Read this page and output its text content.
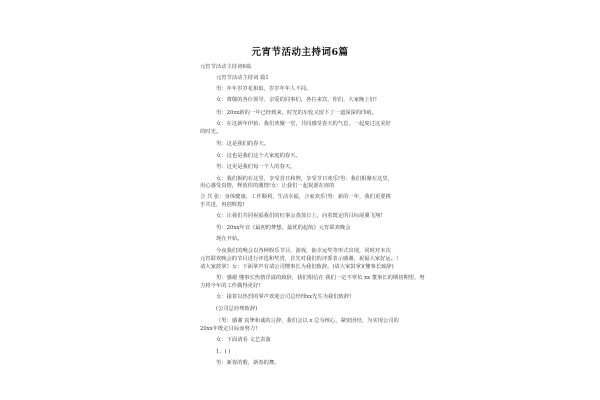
元宵节活动主持词6篇
元宵节活动主持词6篇
元宵节活动主持词 篇1
男：年年岁岁花相似，岁岁年年人不同。
女：尊敬的各位领导、亲爱的同事们，各位来宾，你们，大家晚上好!
男：20xx新的一年已经到来，时光的车轮又留下了一道深深的印痕。
女：在这新年伊始，我们欢聚一堂，共同感受春天的气息，一起度过这美好
的时光。
男：这是我们的春天。
女：这也是我们这个大家庭的春天。
男：这更是我们每一个人的春天。
女：我们相约在这里，享受昔日和煦，享受节日欢乐!男：我们相聚在这里，
用心感受真情，释放你的激情!女：让我们一起祝愿在座的
合 共 张：身体健康，工作顺利，生活幸福，合家欢乐!男：新的一年，我们更要携
手共进，再创辉煌!
女：让我们共同祝福我们的红事会蒸蒸日上，向着既定的目标展翼飞翔!
男：20xx年宜《最初的梦想，最优的起航》元宵联欢晚会
现在开始。
今夜我们的晚会以各种娱乐节目，游戏，抽幸运奖等形式出现，同时对本次
元宵联欢晚会的节目进行评选和奖赏，首先对我们的评委表示感谢，祝福大家好运。（
请大家鼓掌）女：下面掌声有请公司懂事长为我们致辞。(请大家鼓掌)(懂事长致辞)
男：感谢 懂事长热情洋溢的致辞，我们相信在 我们一定不辜负 xx 董事长的期切期望，努
力将今年的工作做得更好!
女：接着以热烈的掌声欢迎公司总经理xx先生为我们致辞!
(公司总经理致辞)
（男：感谢 真挚和诚的言辞，我们会以 x 总为核心，紧密团结，为实现公司的
20xx年既定目标而努力!
女：下面请看 文艺表演
1、( )
男：新春的歌，新春的舞。
